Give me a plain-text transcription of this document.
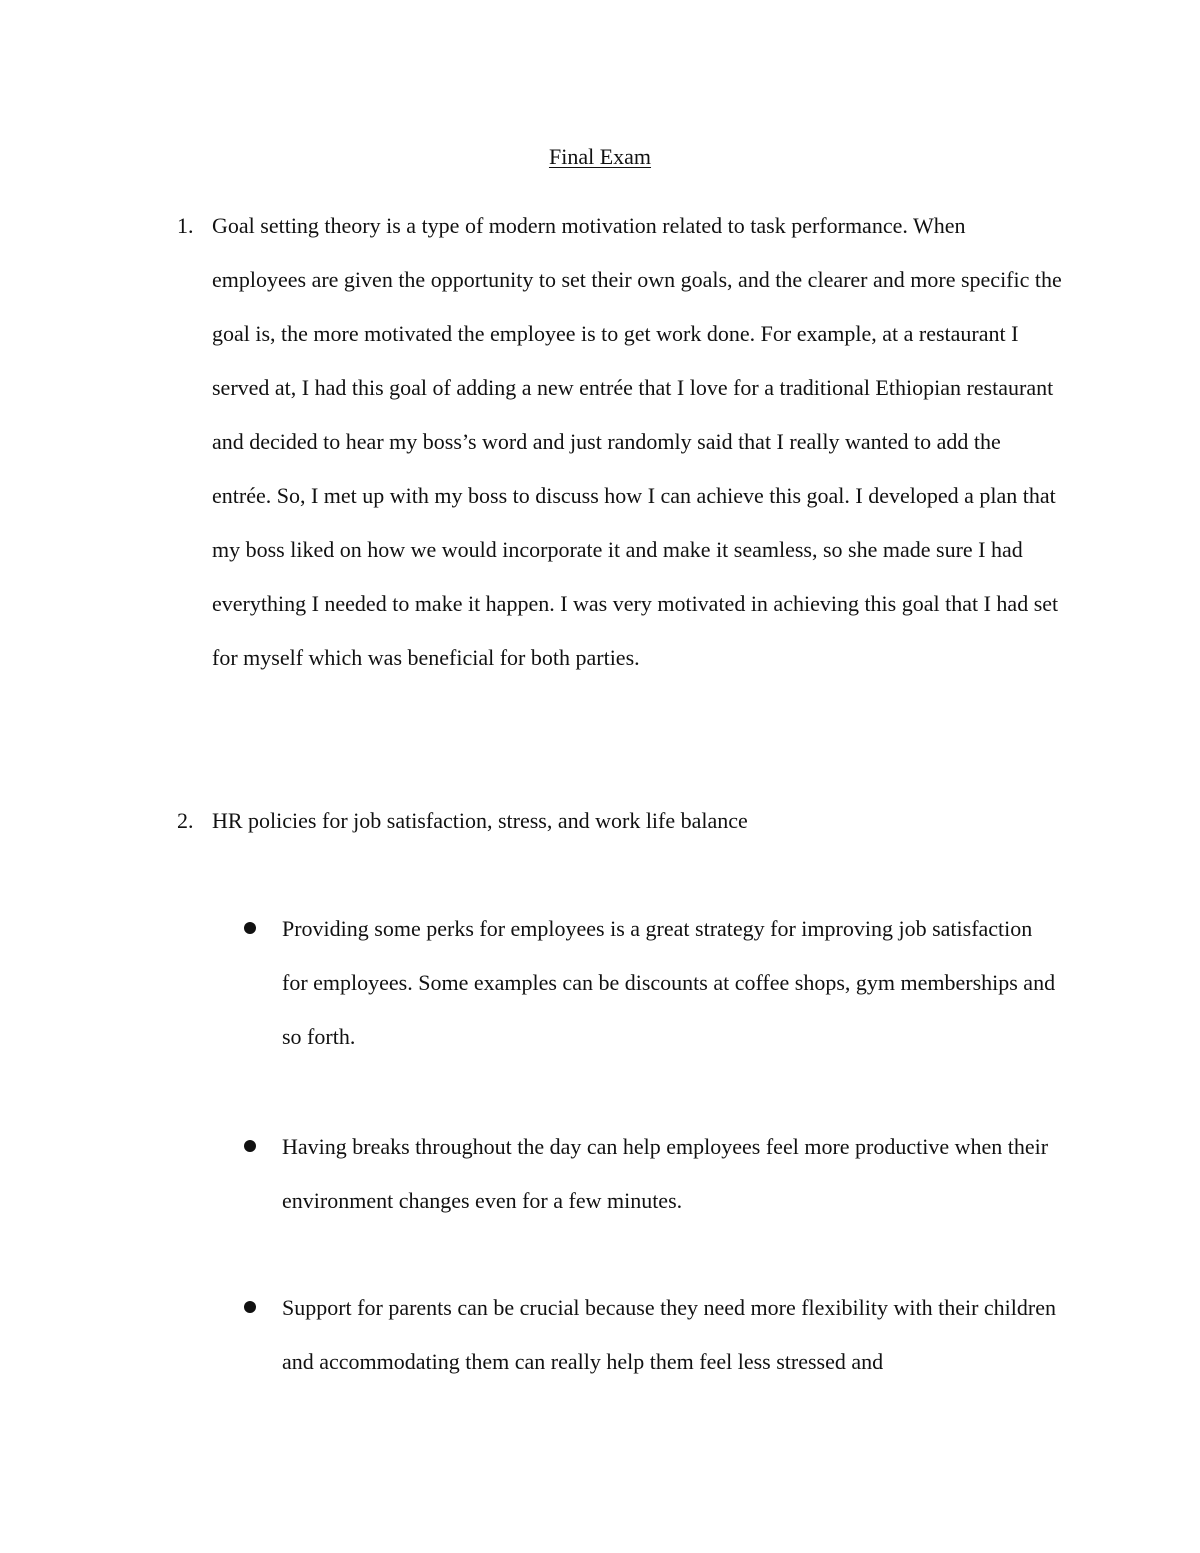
Final Exam
1. Goal setting theory is a type of modern motivation related to task performance. When employees are given the opportunity to set their own goals, and the clearer and more specific the goal is, the more motivated the employee is to get work done. For example, at a restaurant I served at, I had this goal of adding a new entrée that I love for a traditional Ethiopian restaurant and decided to hear my boss’s word and just randomly said that I really wanted to add the entrée. So, I met up with my boss to discuss how I can achieve this goal. I developed a plan that my boss liked on how we would incorporate it and make it seamless, so she made sure I had everything I needed to make it happen. I was very motivated in achieving this goal that I had set for myself which was beneficial for both parties.

2. HR policies for job satisfaction, stress, and work life balance

Providing some perks for employees is a great strategy for improving job satisfaction for employees. Some examples can be discounts at coffee shops, gym memberships and so forth.

Having breaks throughout the day can help employees feel more productive when their environment changes even for a few minutes.

Support for parents can be crucial because they need more flexibility with their children and accommodating them can really help them feel less stressed and
